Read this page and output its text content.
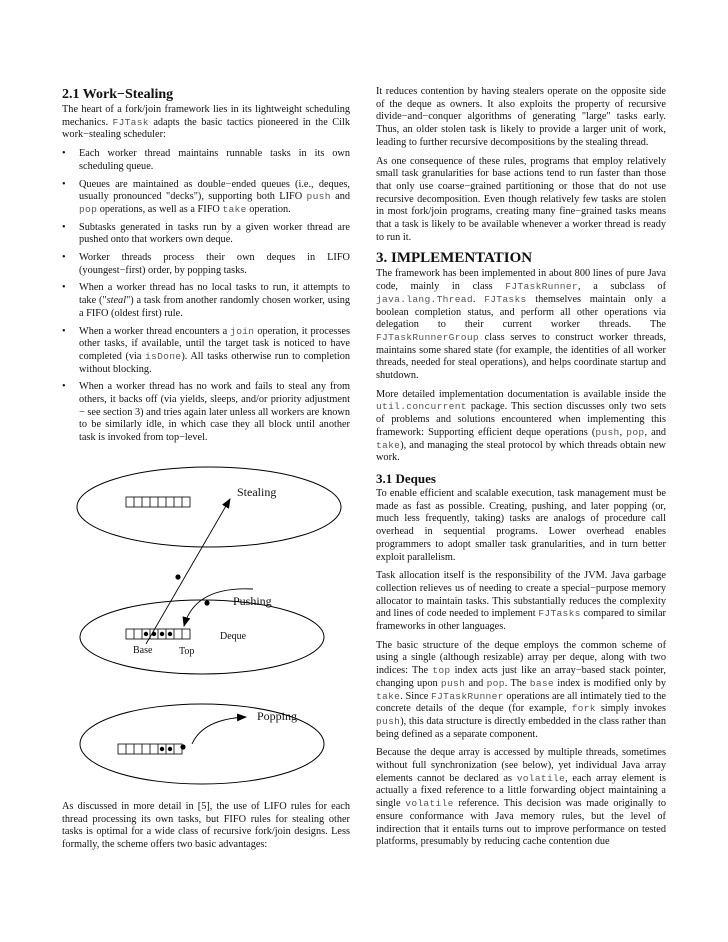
2.1 Work−Stealing

The heart of a fork/join framework lies in its lightweight scheduling mechanics. FJTask adapts the basic tactics pioneered in the Cilk work−stealing scheduler:

• Each worker thread maintains runnable tasks in its own scheduling queue.
• Queues are maintained as double−ended queues (i.e., deques, usually pronounced "decks"), supporting both LIFO push and pop operations, as well as a FIFO take operation.
• Subtasks generated in tasks run by a given worker thread are pushed onto that workers own deque.
• Worker threads process their own deques in LIFO (youngest−first) order, by popping tasks.
• When a worker thread has no local tasks to run, it attempts to take ("steal") a task from another randomly chosen worker, using a FIFO (oldest first) rule.
• When a worker thread encounters a join operation, it processes other tasks, if available, until the target task is noticed to have completed (via isDone). All tasks otherwise run to completion without blocking.
• When a worker thread has no work and fails to steal any from others, it backs off (via yields, sleeps, and/or priority adjustment − see section 3) and tries again later unless all workers are known to be similarly idle, in which case they all block until another task is invoked from top−level.
Stealing
Pushing
Deque
Base	Top
Popping

As discussed in more detail in [5], the use of LIFO rules for each thread processing its own tasks, but FIFO rules for stealing other tasks is optimal for a wide class of recursive fork/join designs. Less formally, the scheme offers two basic advantages:

It reduces contention by having stealers operate on the opposite side of the deque as owners. It also exploits the property of recursive divide−and−conquer algorithms of generating "large" tasks early. Thus, an older stolen task is likely to provide a larger unit of work, leading to further recursive decompositions by the stealing thread.

As one consequence of these rules, programs that employ relatively small task granularities for base actions tend to run faster than those that only use coarse−grained partitioning or those that do not use recursive decomposition. Even though relatively few tasks are stolen in most fork/join programs, creating many fine−grained tasks means that a task is likely to be available whenever a worker thread is ready to run it.

3. IMPLEMENTATION

The framework has been implemented in about 800 lines of pure Java code, mainly in class FJTaskRunner, a subclass of java.lang.Thread. FJTasks themselves maintain only a boolean completion status, and perform all other operations via delegation to their current worker threads. The FJTaskRunnerGroup class serves to construct worker threads, maintains some shared state (for example, the identities of all worker threads, needed for steal operations), and helps coordinate startup and shutdown.

More detailed implementation documentation is available inside the util.concurrent package. This section discusses only two sets of problems and solutions encountered when implementing this framework: Supporting efficient deque operations (push, pop, and take), and managing the steal protocol by which threads obtain new work.

3.1 Deques

To enable efficient and scalable execution, task management must be made as fast as possible. Creating, pushing, and later popping (or, much less frequently, taking) tasks are analogs of procedure call overhead in sequential programs. Lower overhead enables programmers to adopt smaller task granularities, and in turn better exploit parallelism.

Task allocation itself is the responsibility of the JVM. Java garbage collection relieves us of needing to create a special−purpose memory allocator to maintain tasks. This substantially reduces the complexity and lines of code needed to implement FJTasks compared to similar frameworks in other languages.

The basic structure of the deque employs the common scheme of using a single (although resizable) array per deque, along with two indices: The top index acts just like an array−based stack pointer, changing upon push and pop. The base index is modified only by take. Since FJTaskRunner operations are all intimately tied to the concrete details of the deque (for example, fork simply invokes push), this data structure is directly embedded in the class rather than being defined as a separate component.

Because the deque array is accessed by multiple threads, sometimes without full synchronization (see below), yet individual Java array elements cannot be declared as volatile, each array element is actually a fixed reference to a little forwarding object maintaining a single volatile reference. This decision was made originally to ensure conformance with Java memory rules, but the level of indirection that it entails turns out to improve performance on tested platforms, presumably by reducing cache contention due
